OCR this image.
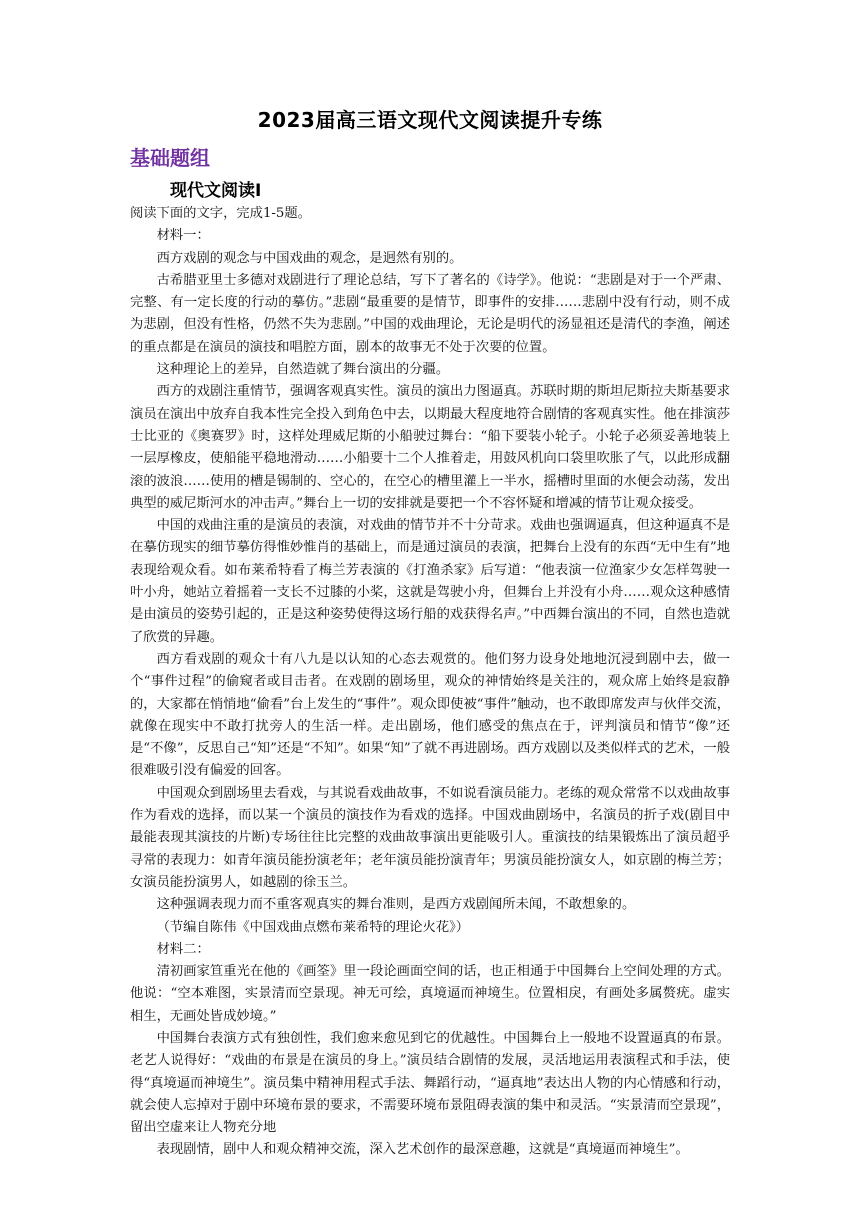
2023届高三语文现代文阅读提升专练
基础题组
现代文阅读Ⅰ

阅读下面的文字，完成1-5题。

材料一：

西方戏剧的观念与中国戏曲的观念，是迥然有别的。

古希腊亚里士多德对戏剧进行了理论总结，写下了著名的《诗学》。他说：“悲剧是对于一个严肃、完整、有一定长度的行动的摹仿。”悲剧“最重要的是情节，即事件的安排……悲剧中没有行动，则不成为悲剧，但没有性格，仍然不失为悲剧。”中国的戏曲理论，无论是明代的汤显祖还是清代的李渔，阐述的重点都是在演员的演技和唱腔方面，剧本的故事无不处于次要的位置。

这种理论上的差异，自然造就了舞台演出的分疆。

西方的戏剧注重情节，强调客观真实性。演员的演出力图逼真。苏联时期的斯坦尼斯拉夫斯基要求演员在演出中放弃自我本性完全投入到角色中去，以期最大程度地符合剧情的客观真实性。他在排演莎士比亚的《奥赛罗》时，这样处理威尼斯的小船驶过舞台：“船下要装小轮子。小轮子必须妥善地装上一层厚橡皮，使船能平稳地滑动……小船要十二个人推着走，用鼓风机向口袋里吹胀了气，以此形成翻滚的波浪……使用的槽是锡制的、空心的，在空心的槽里灌上一半水，摇槽时里面的水便会动荡，发出典型的威尼斯河水的冲击声。”舞台上一切的安排就是要把一个不容怀疑和增减的情节让观众接受。

中国的戏曲注重的是演员的表演，对戏曲的情节并不十分苛求。戏曲也强调逼真，但这种逼真不是在摹仿现实的细节摹仿得惟妙惟肖的基础上，而是通过演员的表演，把舞台上没有的东西“无中生有”地表现给观众看。如布莱希特看了梅兰芳表演的《打渔杀家》后写道：“他表演一位渔家少女怎样驾驶一叶小舟，她站立着摇着一支长不过膝的小桨，这就是驾驶小舟，但舞台上并没有小舟……观众这种感情是由演员的姿势引起的，正是这种姿势使得这场行船的戏获得名声。”中西舞台演出的不同，自然也造就了欣赏的异趣。

西方看戏剧的观众十有八九是以认知的心态去观赏的。他们努力设身处地地沉浸到剧中去，做一个“事件过程”的偷窥者或目击者。在戏剧的剧场里，观众的神情始终是关注的，观众席上始终是寂静的，大家都在悄悄地“偷看”台上发生的“事件”。观众即使被“事件”触动，也不敢即席发声与伙伴交流，就像在现实中不敢打扰旁人的生活一样。走出剧场，他们感受的焦点在于，评判演员和情节“像”还是“不像”，反思自己“知”还是“不知”。如果“知”了就不再进剧场。西方戏剧以及类似样式的艺术，一般很难吸引没有偏爱的回客。

中国观众到剧场里去看戏，与其说看戏曲故事，不如说看演员能力。老练的观众常常不以戏曲故事作为看戏的选择，而以某一个演员的演技作为看戏的选择。中国戏曲剧场中，名演员的折子戏(剧目中最能表现其演技的片断)专场往往比完整的戏曲故事演出更能吸引人。重演技的结果锻炼出了演员超乎寻常的表现力：如青年演员能扮演老年；老年演员能扮演青年；男演员能扮演女人，如京剧的梅兰芳；女演员能扮演男人，如越剧的徐玉兰。

这种强调表现力而不重客观真实的舞台准则，是西方戏剧闻所未闻，不敢想象的。

（节编自陈伟《中国戏曲点燃布莱希特的理论火花》）

材料二：

清初画家笪重光在他的《画筌》里一段论画面空间的话，也正相通于中国舞台上空间处理的方式。他说：“空本难图，实景清而空景现。神无可绘，真境逼而神境生。位置相戾，有画处多属赘疣。虚实相生，无画处皆成妙境。”

中国舞台表演方式有独创性，我们愈来愈见到它的优越性。中国舞台上一般地不设置逼真的布景。老艺人说得好：“戏曲的布景是在演员的身上。”演员结合剧情的发展，灵活地运用表演程式和手法，使得“真境逼而神境生”。演员集中精神用程式手法、舞蹈行动，“逼真地”表达出人物的内心情感和行动，就会使人忘掉对于剧中环境布景的要求，不需要环境布景阻碍表演的集中和灵活。“实景清而空景现”，留出空虚来让人物充分地

表现剧情，剧中人和观众精神交流，深入艺术创作的最深意趣，这就是“真境逼而神境生”。
